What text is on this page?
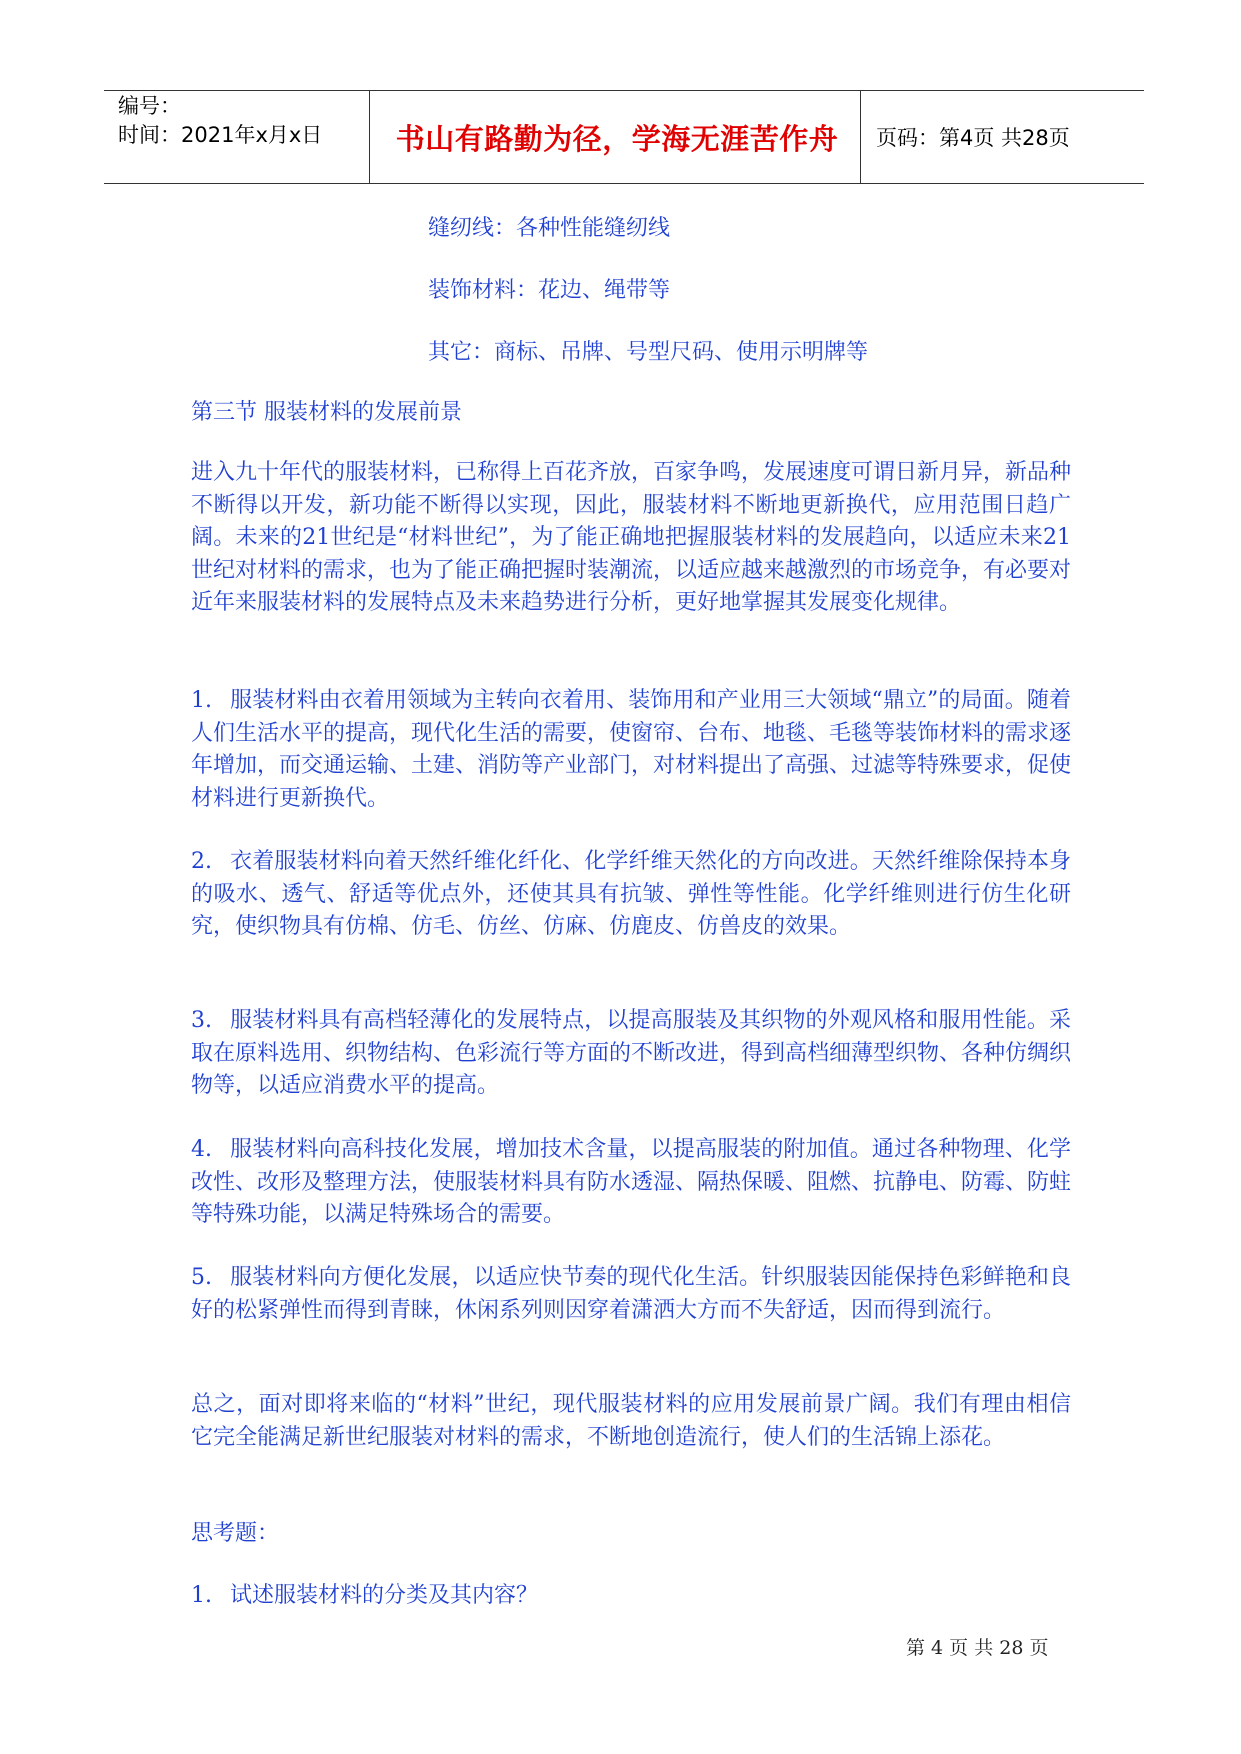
编号：
时间：2021年x月x日	书山有路勤为径，学海无涯苦作舟	页码：第4页 共28页

缝纫线：各种性能缝纫线

装饰材料：花边、绳带等

其它：商标、吊牌、号型尺码、使用示明牌等

第三节 服装材料的发展前景

进入九十年代的服装材料，已称得上百花齐放，百家争鸣，发展速度可谓日新月异，新品种不断得以开发，新功能不断得以实现，因此，服装材料不断地更新换代，应用范围日趋广阔。未来的21世纪是“材料世纪”，为了能正确地把握服装材料的发展趋向，以适应未来21世纪对材料的需求，也为了能正确把握时装潮流，以适应越来越激烈的市场竞争，有必要对近年来服装材料的发展特点及未来趋势进行分析，更好地掌握其发展变化规律。

1. 服装材料由衣着用领域为主转向衣着用、装饰用和产业用三大领域“鼎立”的局面。随着人们生活水平的提高，现代化生活的需要，使窗帘、台布、地毯、毛毯等装饰材料的需求逐年增加，而交通运输、土建、消防等产业部门，对材料提出了高强、过滤等特殊要求，促使材料进行更新换代。

2. 衣着服装材料向着天然纤维化纤化、化学纤维天然化的方向改进。天然纤维除保持本身的吸水、透气、舒适等优点外，还使其具有抗皱、弹性等性能。化学纤维则进行仿生化研究，使织物具有仿棉、仿毛、仿丝、仿麻、仿鹿皮、仿兽皮的效果。

3. 服装材料具有高档轻薄化的发展特点，以提高服装及其织物的外观风格和服用性能。采取在原料选用、织物结构、色彩流行等方面的不断改进，得到高档细薄型织物、各种仿绸织物等，以适应消费水平的提高。

4. 服装材料向高科技化发展，增加技术含量，以提高服装的附加值。通过各种物理、化学改性、改形及整理方法，使服装材料具有防水透湿、隔热保暖、阻燃、抗静电、防霉、防蛀等特殊功能，以满足特殊场合的需要。

5. 服装材料向方便化发展，以适应快节奏的现代化生活。针织服装因能保持色彩鲜艳和良好的松紧弹性而得到青睐，休闲系列则因穿着潇洒大方而不失舒适，因而得到流行。

总之，面对即将来临的“材料”世纪，现代服装材料的应用发展前景广阔。我们有理由相信它完全能满足新世纪服装对材料的需求，不断地创造流行，使人们的生活锦上添花。

思考题：

1. 试述服装材料的分类及其内容？

第 4 页 共 28 页
